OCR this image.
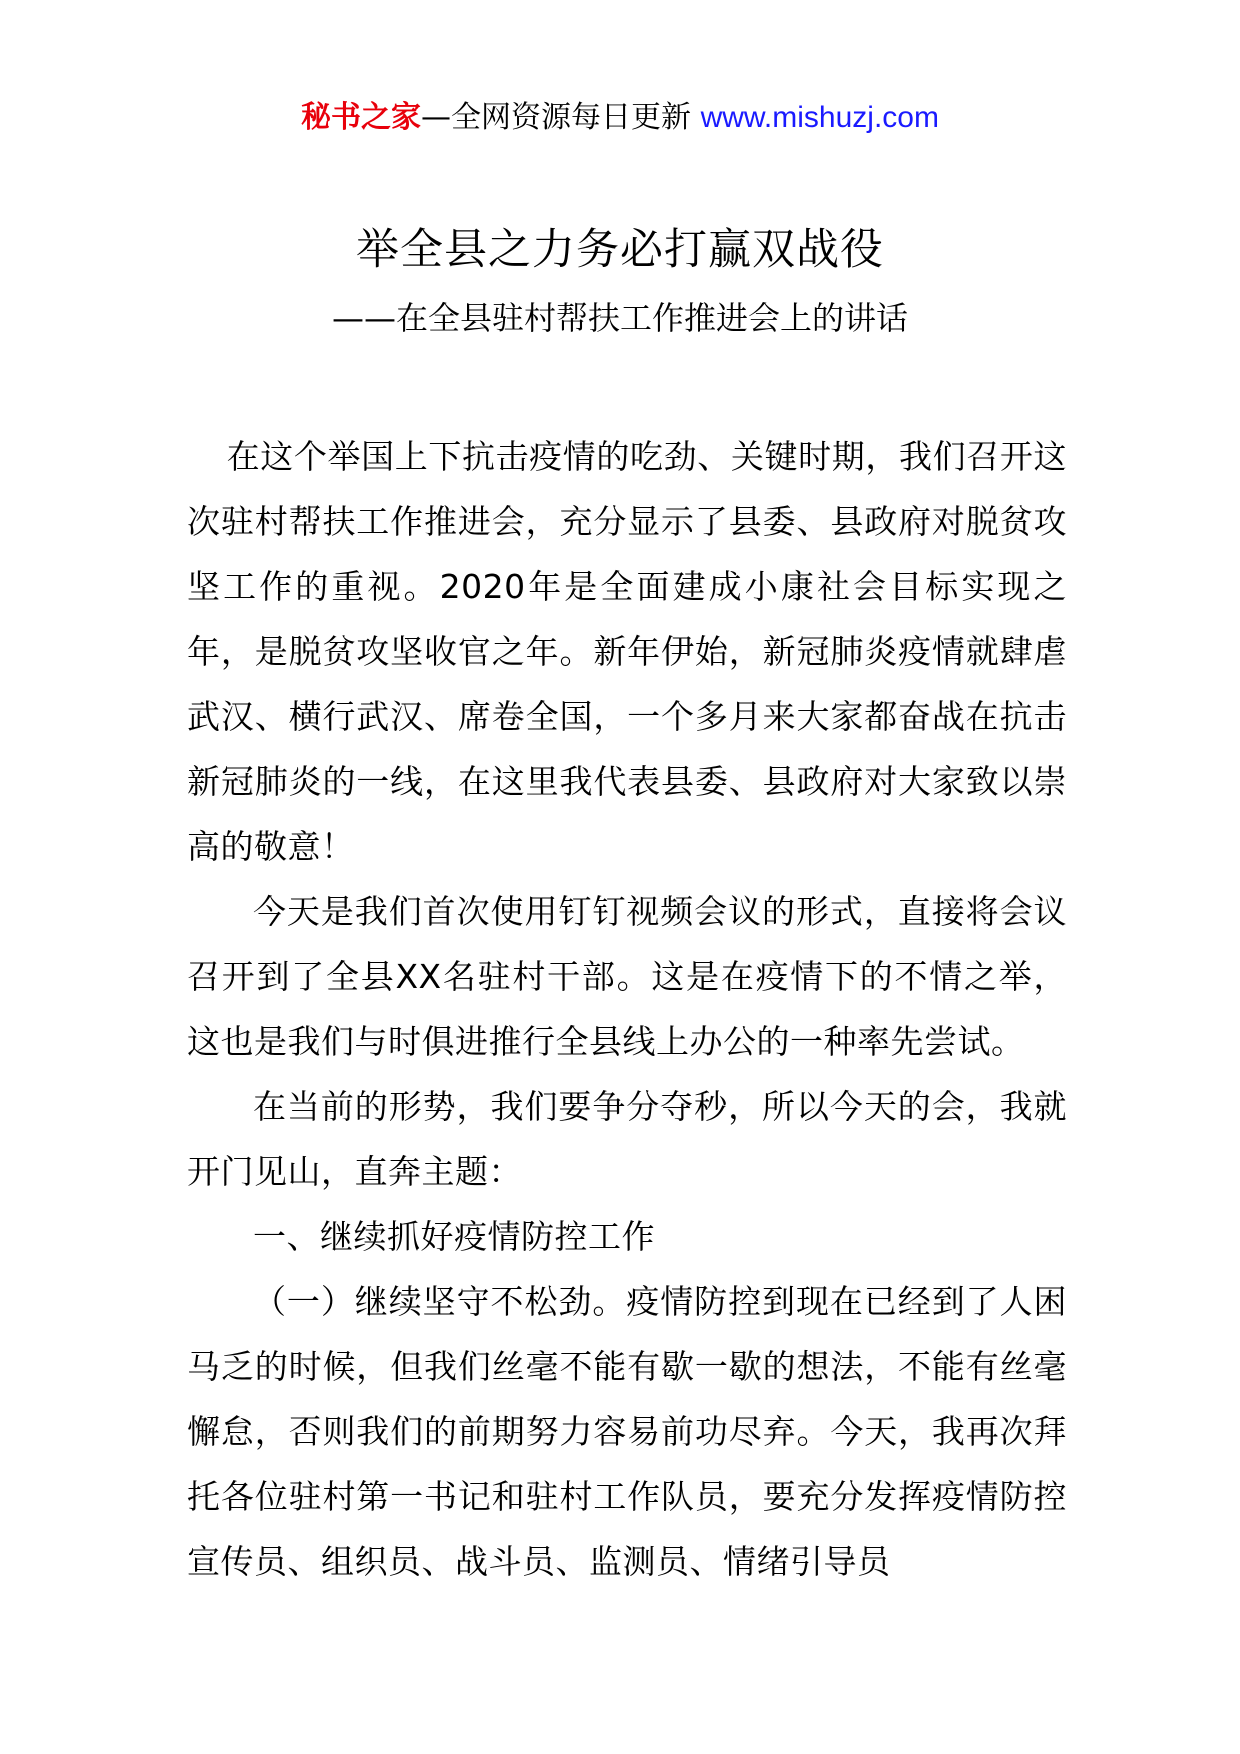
秘书之家—全网资源每日更新 www.mishuzj.com
举全县之力务必打赢双战役
——在全县驻村帮扶工作推进会上的讲话

在这个举国上下抗击疫情的吃劲、关键时期，我们召开这次驻村帮扶工作推进会，充分显示了县委、县政府对脱贫攻坚工作的重视。2020年是全面建成小康社会目标实现之年，是脱贫攻坚收官之年。新年伊始，新冠肺炎疫情就肆虐武汉、横行武汉、席卷全国，一个多月来大家都奋战在抗击新冠肺炎的一线，在这里我代表县委、县政府对大家致以崇高的敬意！

今天是我们首次使用钉钉视频会议的形式，直接将会议召开到了全县XX名驻村干部。这是在疫情下的不情之举，这也是我们与时俱进推行全县线上办公的一种率先尝试。

在当前的形势，我们要争分夺秒，所以今天的会，我就开门见山，直奔主题：

一、继续抓好疫情防控工作

（一）继续坚守不松劲。疫情防控到现在已经到了人困马乏的时候，但我们丝毫不能有歇一歇的想法，不能有丝毫懈怠，否则我们的前期努力容易前功尽弃。今天，我再次拜托各位驻村第一书记和驻村工作队员，要充分发挥疫情防控宣传员、组织员、战斗员、监测员、情绪引导员
